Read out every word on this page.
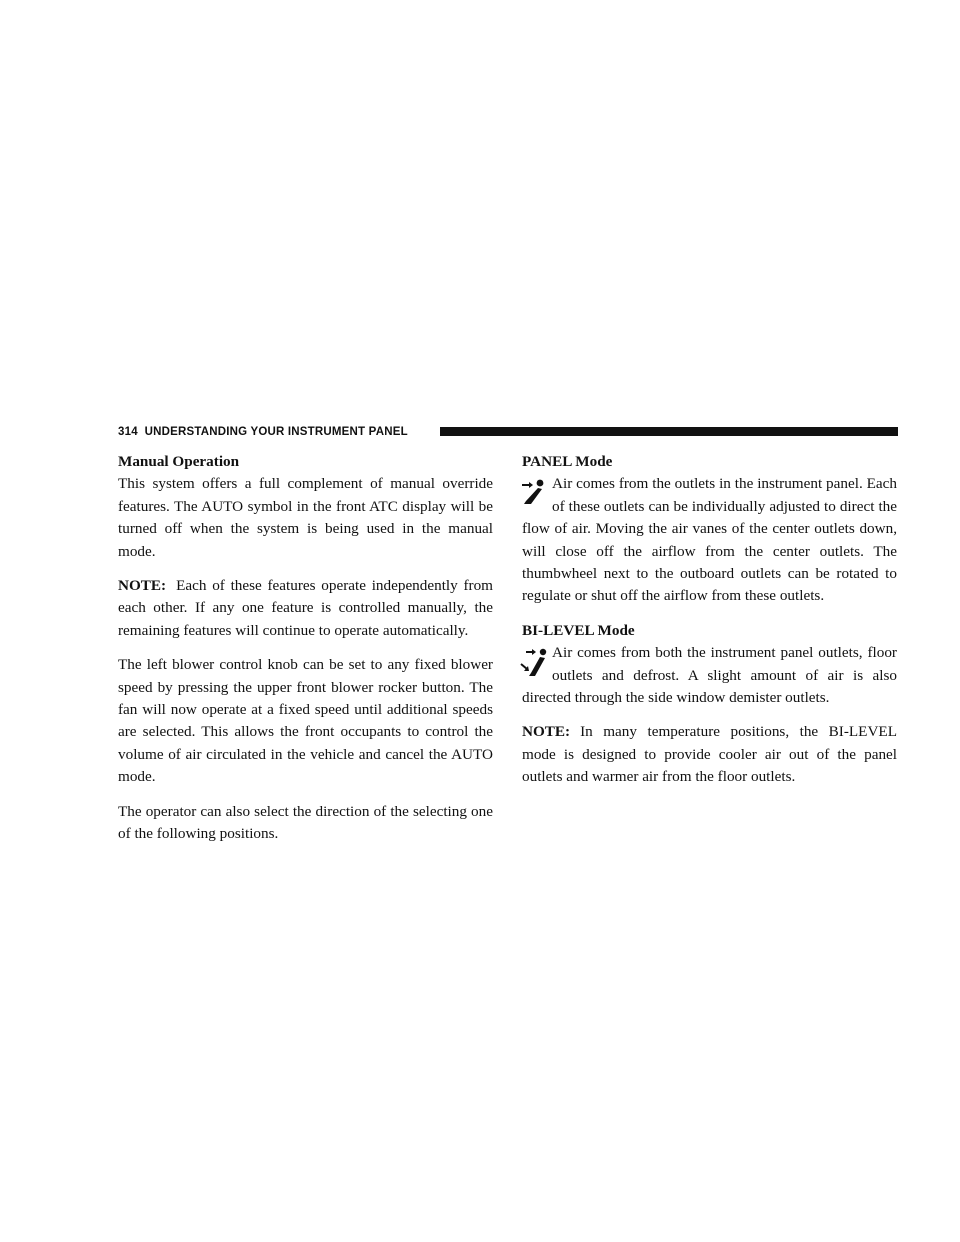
314 UNDERSTANDING YOUR INSTRUMENT PANEL
Manual Operation

This system offers a full complement of manual override features. The AUTO symbol in the front ATC display will be turned off when the system is being used in the manual mode.

NOTE: Each of these features operate independently from each other. If any one feature is controlled manually, the remaining features will continue to operate automatically.

The left blower control knob can be set to any fixed blower speed by pressing the upper front blower rocker button. The fan will now operate at a fixed speed until additional speeds are selected. This allows the front occupants to control the volume of air circulated in the vehicle and cancel the AUTO mode.

The operator can also select the direction of the selecting one of the following positions.

PANEL Mode
Air comes from the outlets in the instrument panel. Each of these outlets can be individually adjusted to direct the flow of air. Moving the air vanes of the center outlets down, will close off the airflow from the center outlets. The thumbwheel next to the outboard outlets can be rotated to regulate or shut off the airflow from these outlets.
BI-LEVEL Mode
Air comes from both the instrument panel outlets, floor outlets and defrost. A slight amount of air is also directed through the side window demister outlets.

NOTE: In many temperature positions, the BI-LEVEL mode is designed to provide cooler air out of the panel outlets and warmer air from the floor outlets.
